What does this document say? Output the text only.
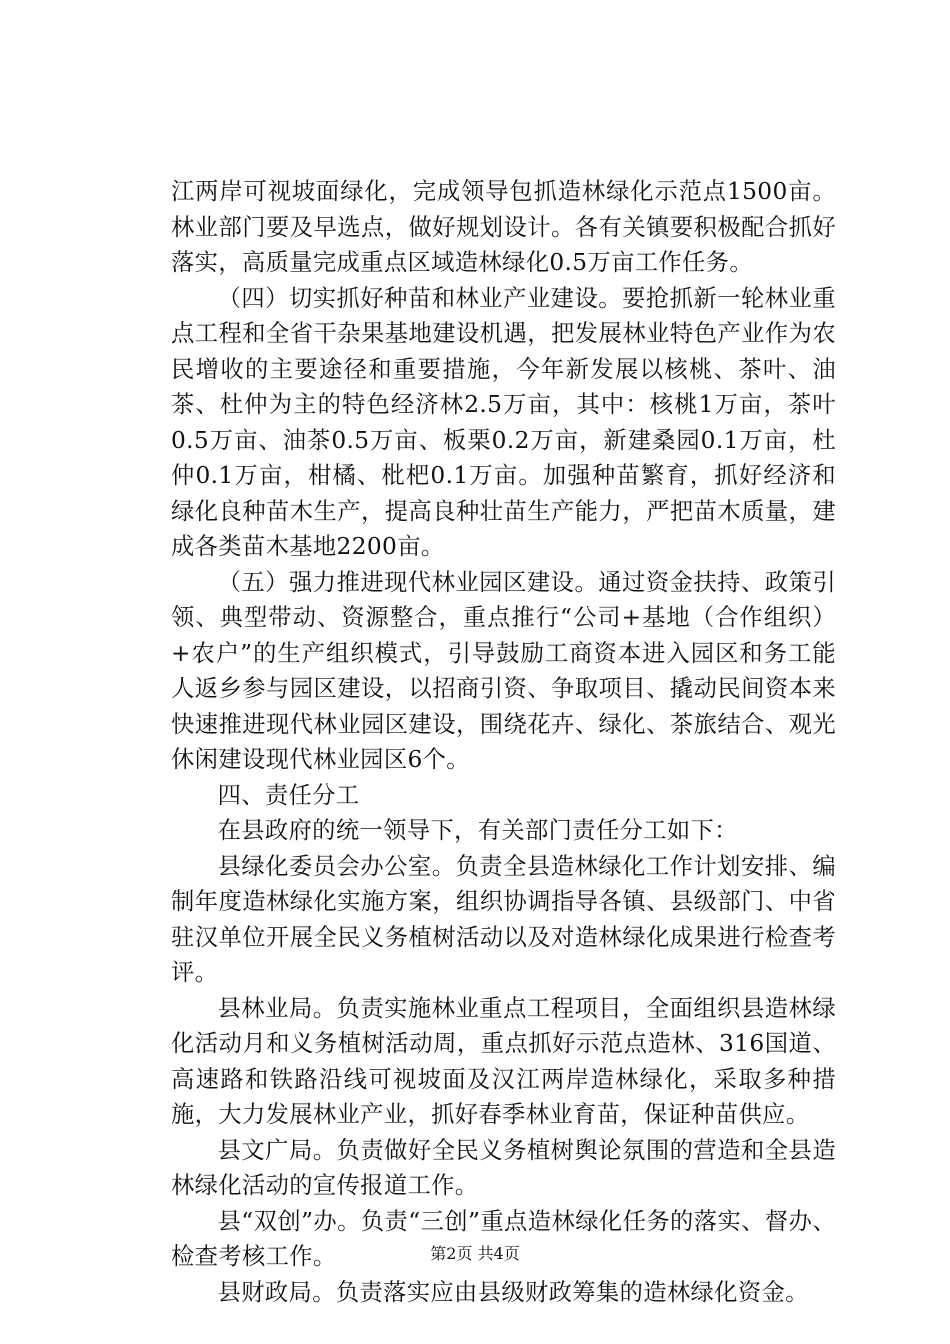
江两岸可视坡面绿化，完成领导包抓造林绿化示范点1500亩。林业部门要及早选点，做好规划设计。各有关镇要积极配合抓好落实，高质量完成重点区域造林绿化0.5万亩工作任务。

（四）切实抓好种苗和林业产业建设。要抢抓新一轮林业重点工程和全省干杂果基地建设机遇，把发展林业特色产业作为农民增收的主要途径和重要措施，今年新发展以核桃、茶叶、油茶、杜仲为主的特色经济林2.5万亩，其中：核桃1万亩，茶叶0.5万亩、油茶0.5万亩、板栗0.2万亩，新建桑园0.1万亩，杜仲0.1万亩，柑橘、枇杷0.1万亩。加强种苗繁育，抓好经济和绿化良种苗木生产，提高良种壮苗生产能力，严把苗木质量，建成各类苗木基地2200亩。

（五）强力推进现代林业园区建设。通过资金扶持、政策引领、典型带动、资源整合，重点推行“公司+基地（合作组织）+农户”的生产组织模式，引导鼓励工商资本进入园区和务工能人返乡参与园区建设，以招商引资、争取项目、撬动民间资本来快速推进现代林业园区建设，围绕花卉、绿化、茶旅结合、观光休闲建设现代林业园区6个。

四、责任分工

在县政府的统一领导下，有关部门责任分工如下：

县绿化委员会办公室。负责全县造林绿化工作计划安排、编制年度造林绿化实施方案，组织协调指导各镇、县级部门、中省驻汉单位开展全民义务植树活动以及对造林绿化成果进行检查考评。

县林业局。负责实施林业重点工程项目，全面组织县造林绿化活动月和义务植树活动周，重点抓好示范点造林、316国道、高速路和铁路沿线可视坡面及汉江两岸造林绿化，采取多种措施，大力发展林业产业，抓好春季林业育苗，保证种苗供应。

县文广局。负责做好全民义务植树舆论氛围的营造和全县造林绿化活动的宣传报道工作。

县“双创”办。负责“三创”重点造林绿化任务的落实、督办、检查考核工作。

县财政局。负责落实应由县级财政筹集的造林绿化资金。

第2页 共4页
